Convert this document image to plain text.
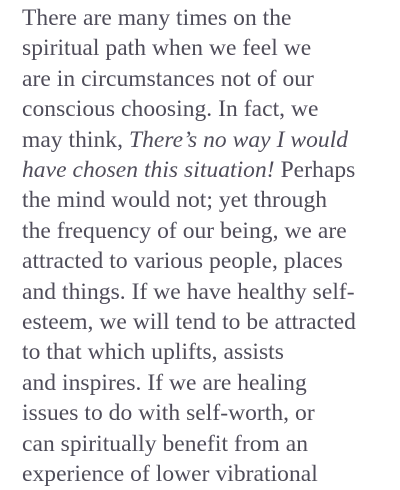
There are many times on the
spiritual path when we feel we
are in circumstances not of our
conscious choosing. In fact, we
may think, There’s no way I would
have chosen this situation! Perhaps
the mind would not; yet through
the frequency of our being, we are
attracted to various people, places
and things. If we have healthy self-
esteem, we will tend to be attracted
to that which uplifts, assists
and inspires. If we are healing
issues to do with self-worth, or
can spiritually benefit from an
experience of lower vibrational
